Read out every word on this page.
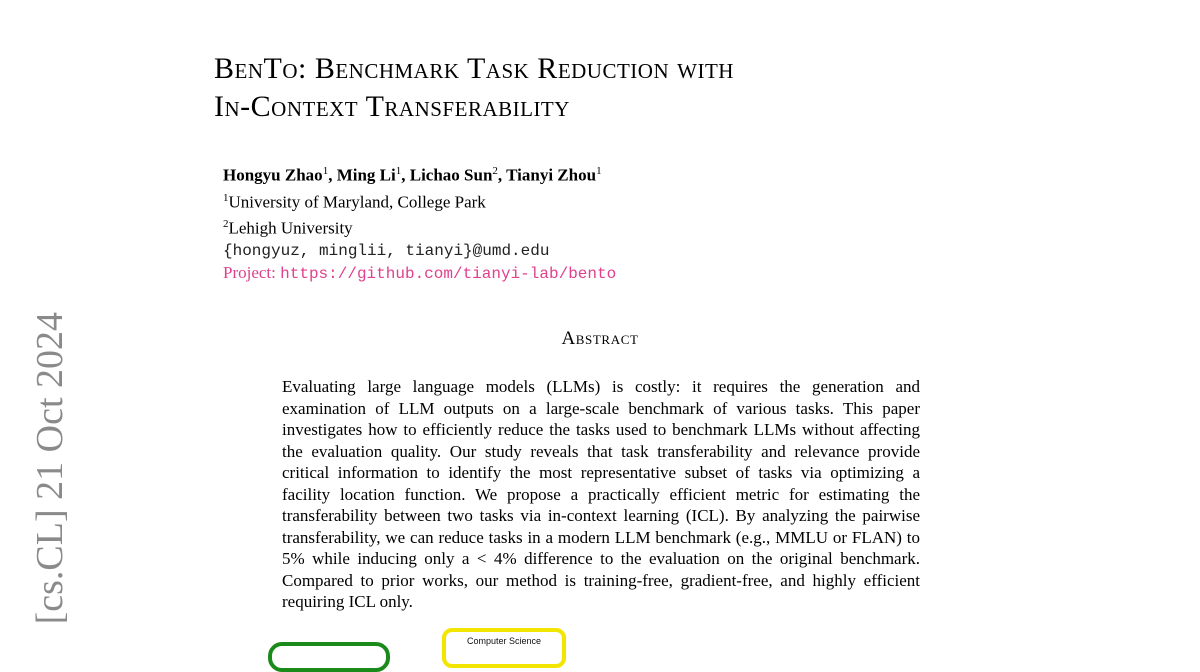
[cs.CL] 21 Oct 2024
BenTo: Benchmark Task Reduction with
In-Context Transferability
Hongyu Zhao$^1$, Ming Li$^1$, Lichao Sun$^2$, Tianyi Zhou$^1$
$^1$University of Maryland, College Park
$^2$Lehigh University
{hongyuz, minglii, tianyi}@umd.edu
Project: https://github.com/tianyi-lab/bento
Abstract

Evaluating large language models (LLMs) is costly: it requires the generation and examination of LLM outputs on a large-scale benchmark of various tasks. This paper investigates how to efficiently reduce the tasks used to benchmark LLMs without affecting the evaluation quality. Our study reveals that task transferability and relevance provide critical information to identify the most representative subset of tasks via optimizing a facility location function. We propose a practically efficient metric for estimating the transferability between two tasks via in-context learning (ICL). By analyzing the pairwise transferability, we can reduce tasks in a modern LLM benchmark (e.g., MMLU or FLAN) to 5% while inducing only a < 4% difference to the evaluation on the original benchmark. Compared to prior works, our method is training-free, gradient-free, and highly efficient requiring ICL only.

Computer Science
